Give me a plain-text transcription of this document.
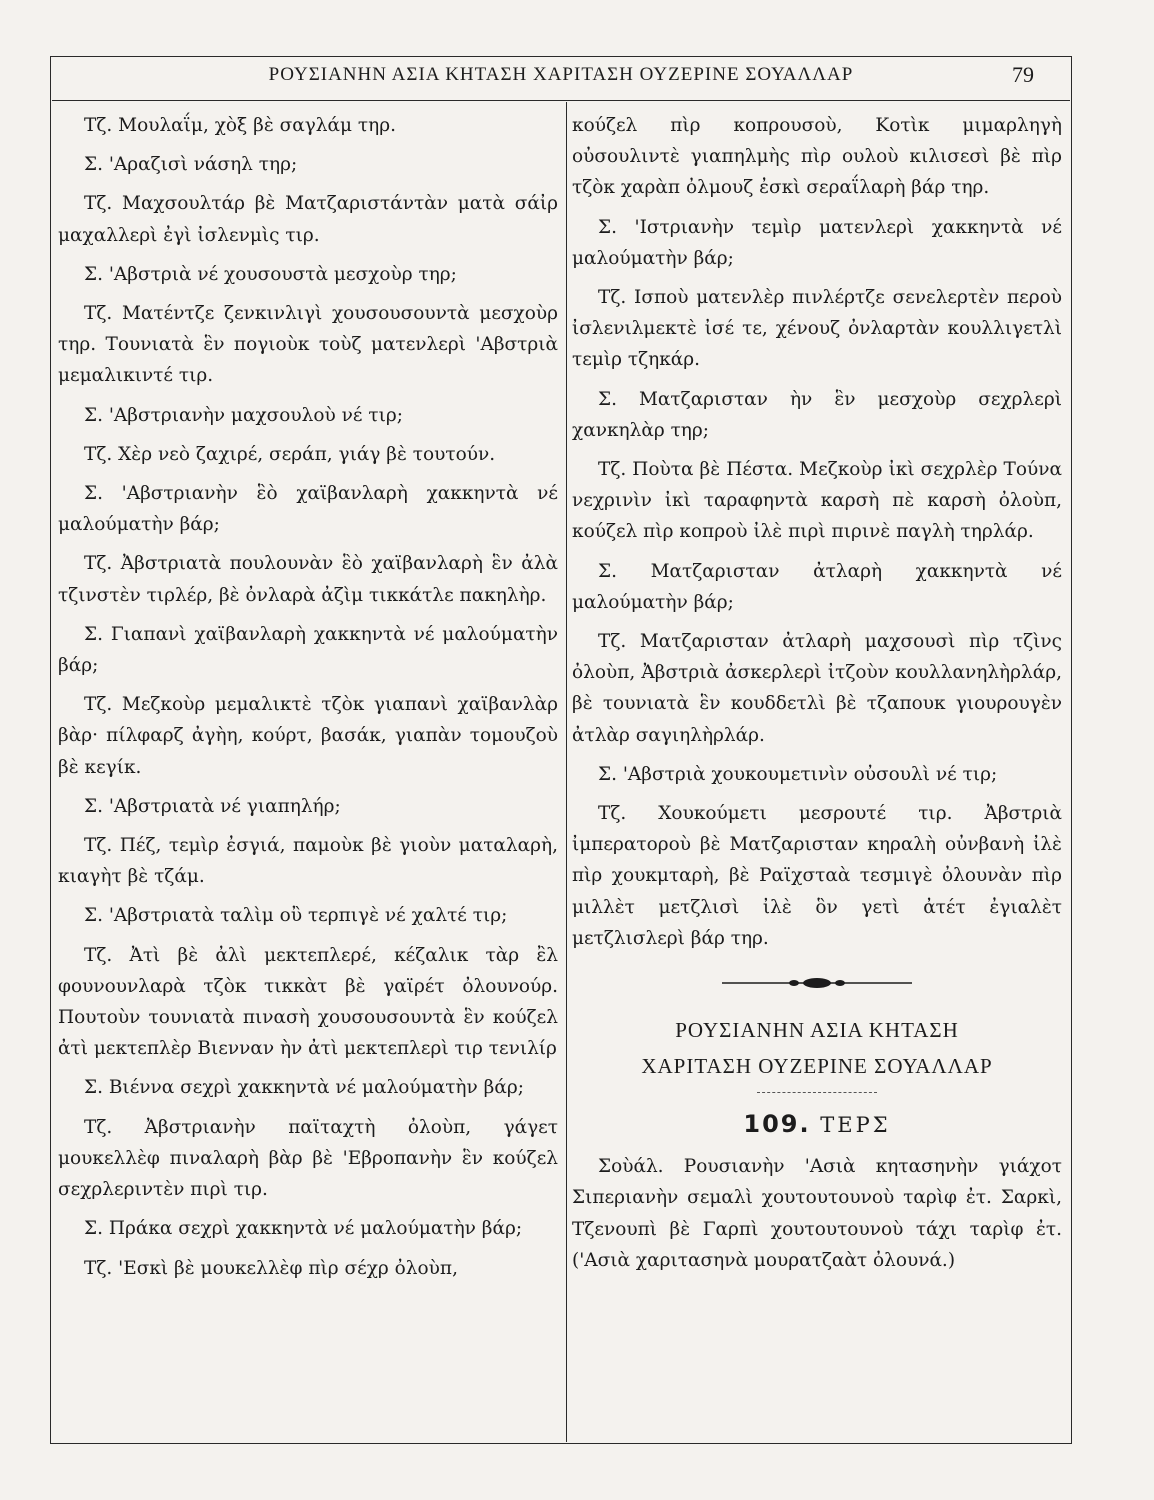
ΡΟΥΣΙΑΝΗΝ ΑΣΙΑ ΚΗΤΑΣΗ ΧΑΡΙΤΑΣΗ ΟΥΖΕΡΙΝΕ ΣΟΥΑΛΛΑΡ	79

Τζ. Μουλαΐμ, χὸξ βὲ σαγλάμ τηρ.

Σ. 'Αραζισὶ νάσηλ τηρ;

Τζ. Μαχσουλτάρ βὲ Ματζαριστάντὰν ματὰ σάἰρ μαχαλλερὶ ἐγὶ ἰσλενμὶς τιρ.

Σ. 'Αβστριὰ νέ χουσουστὰ μεσχοὺρ τηρ;

Τζ. Ματέντζε ζενκινλιγὶ χουσουσουντὰ μεσχοὺρ τηρ. Τουνιατὰ ἓν πογιοὺκ τοὺζ ματενλερὶ 'Αβστριὰ μεμαλικιντέ τιρ.

Σ. 'Αβστριανὴν μαχσουλοὺ νέ τιρ;

Τζ. Χὲρ νεὸ ζαχιρέ, σεράπ, γιάγ βὲ τουτούν.

Σ. 'Αβστριανὴν ἓὸ χαϊβανλαρὴ χακκηντὰ νέ μαλούματὴν βάρ;

Τζ. Ἀβστριατὰ πουλουνὰν ἓὸ χαϊβανλαρὴ ἓν ἀλὰ τζινστὲν τιρλέρ, βὲ ὀνλαρὰ ἀζὶμ τικκάτλε πακηλὴρ.

Σ. Γιαπανὶ χαϊβανλαρὴ χακκηντὰ νέ μαλούματὴν βάρ;

Τζ. Μεζκοὺρ μεμαλικτὲ τζὸκ γιαπανὶ χαϊβανλὰρ βὰρ· πίλφαρζ ἀγὴη, κούρτ, βασάκ, γιαπὰν τομουζοὺ βὲ κεγίκ.

Σ. 'Αβστριατὰ νέ γιαπηλήρ;

Τζ. Πέζ, τεμὶρ ἐσγιά, παμοὺκ βὲ γιοὺν ματαλαρὴ, κιαγὴτ βὲ τζάμ.

Σ. 'Αβστριατὰ ταλὶμ οὒ τερπιγὲ νέ χαλτέ τιρ;

Τζ. Ἀτὶ βὲ ἀλὶ μεκτεπλερέ, κέζαλικ τὰρ ἒλ φουνουνλαρὰ τζὸκ τικκὰτ βὲ γαϊρέτ ὀλουνούρ. Πουτοὺν τουνιατὰ πινασὴ χουσουσουντὰ ἓν κούζελ ἀτὶ μεκτεπλὲρ Βιενναν ὴν ἀτὶ μεκτεπλερὶ τιρ τενιλίρ

Σ. Βιέννα σεχρὶ χακκηντὰ νέ μαλούματὴν βάρ;

Τζ. Ἀβστριανὴν παϊταχτὴ ὀλοὺπ, γάγετ μουκελλὲφ πιναλαρὴ βὰρ βὲ 'Εβροπανὴν ἓν κούζελ σεχρλεριντὲν πιρὶ τιρ.

Σ. Πράκα σεχρὶ χακκηντὰ νέ μαλούματὴν βάρ;

Τζ. 'Εσκὶ βὲ μουκελλὲφ πὶρ σέχρ ὀλοὺπ,

κούζελ πὶρ κοπρουσοὺ, Κοτὶκ μιμαρληγὴ οὐσουλιντὲ γιαπηλμὴς πὶρ ουλοὺ κιλισεσὶ βὲ πὶρ τζὸκ χαρὰπ ὀλμουζ ἐσκὶ σεραΐλαρὴ βάρ τηρ.

Σ. 'Ιστριανὴν τεμὶρ ματενλερὶ χακκηντὰ νέ μαλούματὴν βάρ;

Τζ. Ισποὺ ματενλὲρ πινλέρτζε σενελερτὲν περοὺ ἰσλενιλμεκτὲ ἰσέ τε, χένουζ ὀνλαρτὰν κουλλιγετλὶ τεμὶρ τζηκάρ.

Σ. Ματζαρισταν ὴν ἓν μεσχοὺρ σεχρλερὶ χανκηλὰρ τηρ;

Τζ. Ποὺτα βὲ Πέστα. Μεζκοὺρ ἰκὶ σεχρλὲρ Τούνα νεχρινὶν ἰκὶ ταραφηντὰ καρσὴ πὲ καρσὴ ὀλοὺπ, κούζελ πὶρ κοπροὺ ἰλὲ πιρὶ πιρινὲ παγλὴ τηρλάρ.

Σ. Ματζαρισταν ἀτλαρὴ χακκηντὰ νέ μαλούματὴν βάρ;

Τζ. Ματζαρισταν ἀτλαρὴ μαχσουσὶ πὶρ τζὶνς ὀλοὺπ, Ἀβστριὰ ἀσκερλερὶ ἰτζοὺν κουλλανηλὴρλάρ, βὲ τουνιατὰ ἓν κουδδετλὶ βὲ τζαπουκ γιουρουγὲν ἀτλὰρ σαγιηλὴρλάρ.

Σ. 'Αβστριὰ χουκουμετινὶν οὐσουλὶ νέ τιρ;

Τζ. Χουκούμετι μεσρουτέ τιρ. Ἀβστριὰ ἰμπερατοροὺ βὲ Ματζαρισταν κηραλὴ οὐνβανὴ ἰλὲ πὶρ χουκμταρὴ, βὲ Ραϊχσταὰ τεσμιγὲ ὀλουνὰν πὶρ μιλλὲτ μετζλισὶ ἰλὲ ὃν γετὶ ἀτέτ ἐγιαλὲτ μετζλισλερὶ βάρ τηρ.

ΡΟΥΣΙΑΝΗΝ ΑΣΙΑ ΚΗΤΑΣΗ

ΧΑΡΙΤΑΣΗ ΟΥΖΕΡΙΝΕ ΣΟΥΑΛΛΑΡ

109. ΤΕΡΣ

Σοὺάλ. Ρουσιανὴν 'Ασιὰ κητασηνὴν γιάχοτ Σιπεριανὴν σεμαλὶ χουτουτουνοὺ ταρὶφ ἐτ. Σαρκὶ, Τζενουπὶ βὲ Γαρπὶ χουτουτουνοὺ τάχι ταρὶφ ἐτ. ('Ασιὰ χαριτασηνὰ μουρατζαὰτ ὀλουνά.)
